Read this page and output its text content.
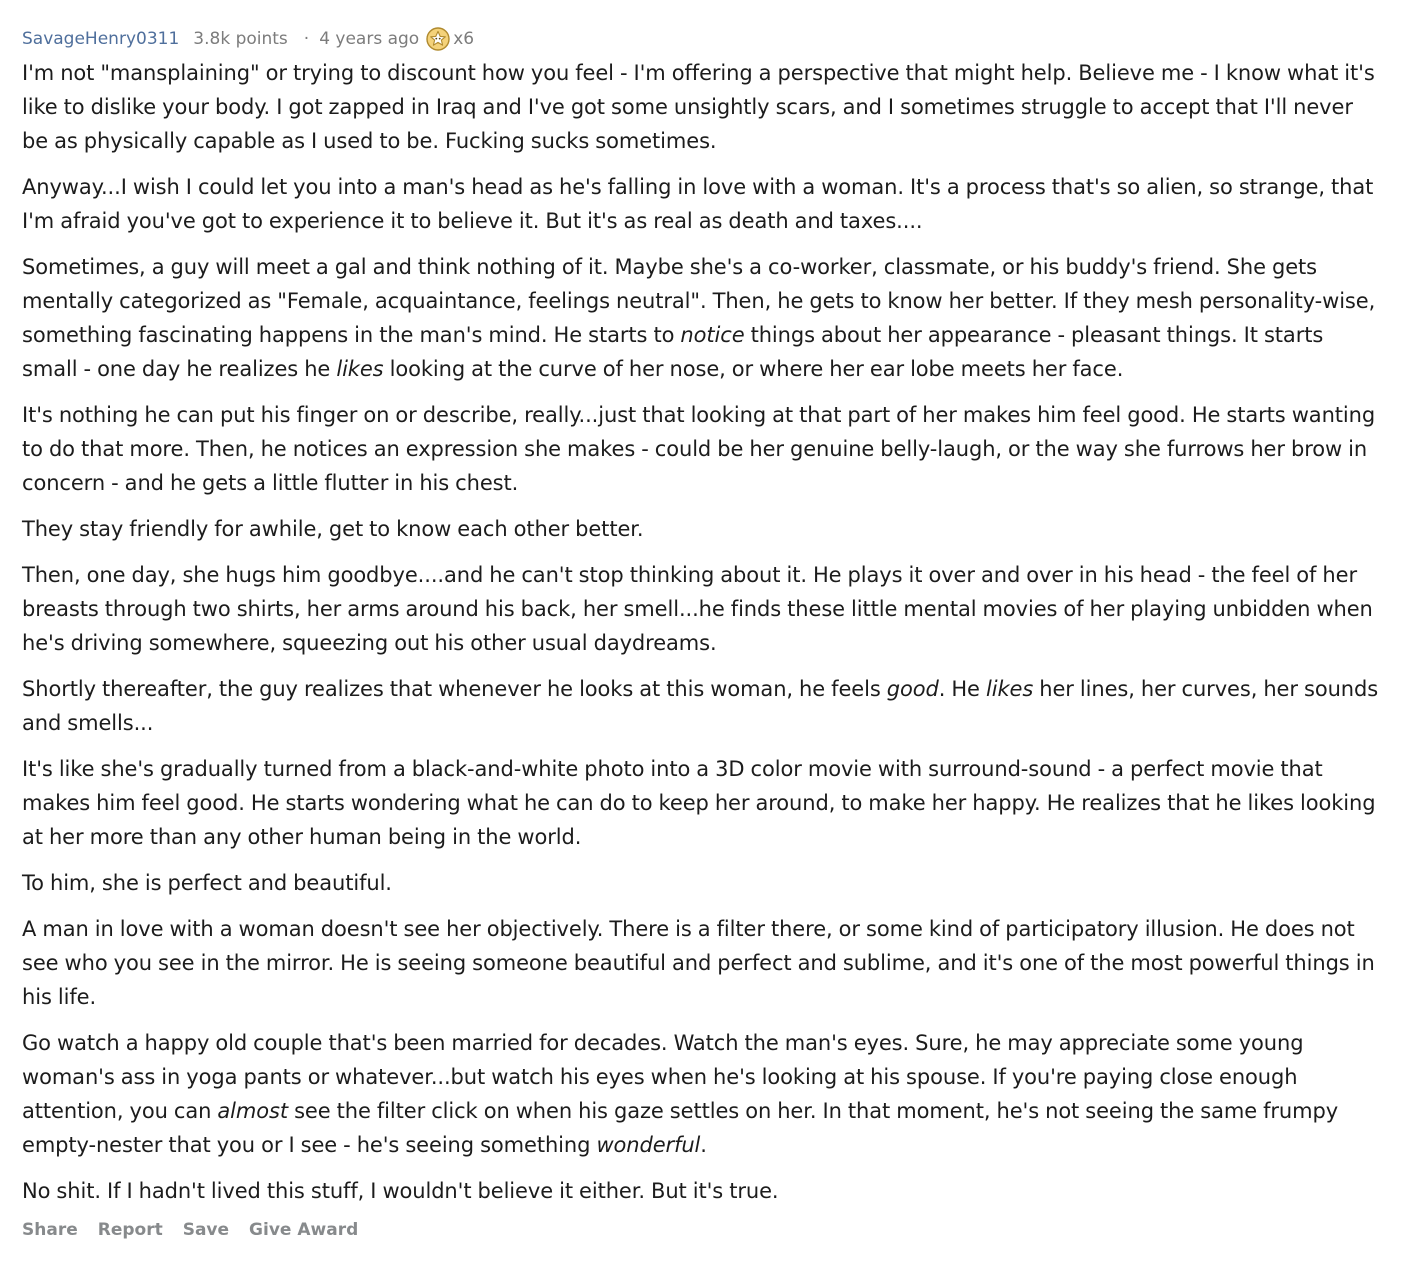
SavageHenry0311 3.8k points · 4 years ago x6

I'm not "mansplaining" or trying to discount how you feel - I'm offering a perspective that might help. Believe me - I know what it's like to dislike your body. I got zapped in Iraq and I've got some unsightly scars, and I sometimes struggle to accept that I'll never be as physically capable as I used to be. Fucking sucks sometimes.

Anyway...I wish I could let you into a man's head as he's falling in love with a woman. It's a process that's so alien, so strange, that I'm afraid you've got to experience it to believe it. But it's as real as death and taxes....

Sometimes, a guy will meet a gal and think nothing of it. Maybe she's a co-worker, classmate, or his buddy's friend. She gets mentally categorized as "Female, acquaintance, feelings neutral". Then, he gets to know her better. If they mesh personality-wise, something fascinating happens in the man's mind. He starts to notice things about her appearance - pleasant things. It starts small - one day he realizes he likes looking at the curve of her nose, or where her ear lobe meets her face.

It's nothing he can put his finger on or describe, really...just that looking at that part of her makes him feel good. He starts wanting to do that more. Then, he notices an expression she makes - could be her genuine belly-laugh, or the way she furrows her brow in concern - and he gets a little flutter in his chest.

They stay friendly for awhile, get to know each other better.

Then, one day, she hugs him goodbye....and he can't stop thinking about it. He plays it over and over in his head - the feel of her breasts through two shirts, her arms around his back, her smell...he finds these little mental movies of her playing unbidden when he's driving somewhere, squeezing out his other usual daydreams.

Shortly thereafter, the guy realizes that whenever he looks at this woman, he feels good. He likes her lines, her curves, her sounds and smells...

It's like she's gradually turned from a black-and-white photo into a 3D color movie with surround-sound - a perfect movie that makes him feel good. He starts wondering what he can do to keep her around, to make her happy. He realizes that he likes looking at her more than any other human being in the world.

To him, she is perfect and beautiful.

A man in love with a woman doesn't see her objectively. There is a filter there, or some kind of participatory illusion. He does not see who you see in the mirror. He is seeing someone beautiful and perfect and sublime, and it's one of the most powerful things in his life.

Go watch a happy old couple that's been married for decades. Watch the man's eyes. Sure, he may appreciate some young woman's ass in yoga pants or whatever...but watch his eyes when he's looking at his spouse. If you're paying close enough attention, you can almost see the filter click on when his gaze settles on her. In that moment, he's not seeing the same frumpy empty-nester that you or I see - he's seeing something wonderful.

No shit. If I hadn't lived this stuff, I wouldn't believe it either. But it's true.

Share Report Save Give Award
